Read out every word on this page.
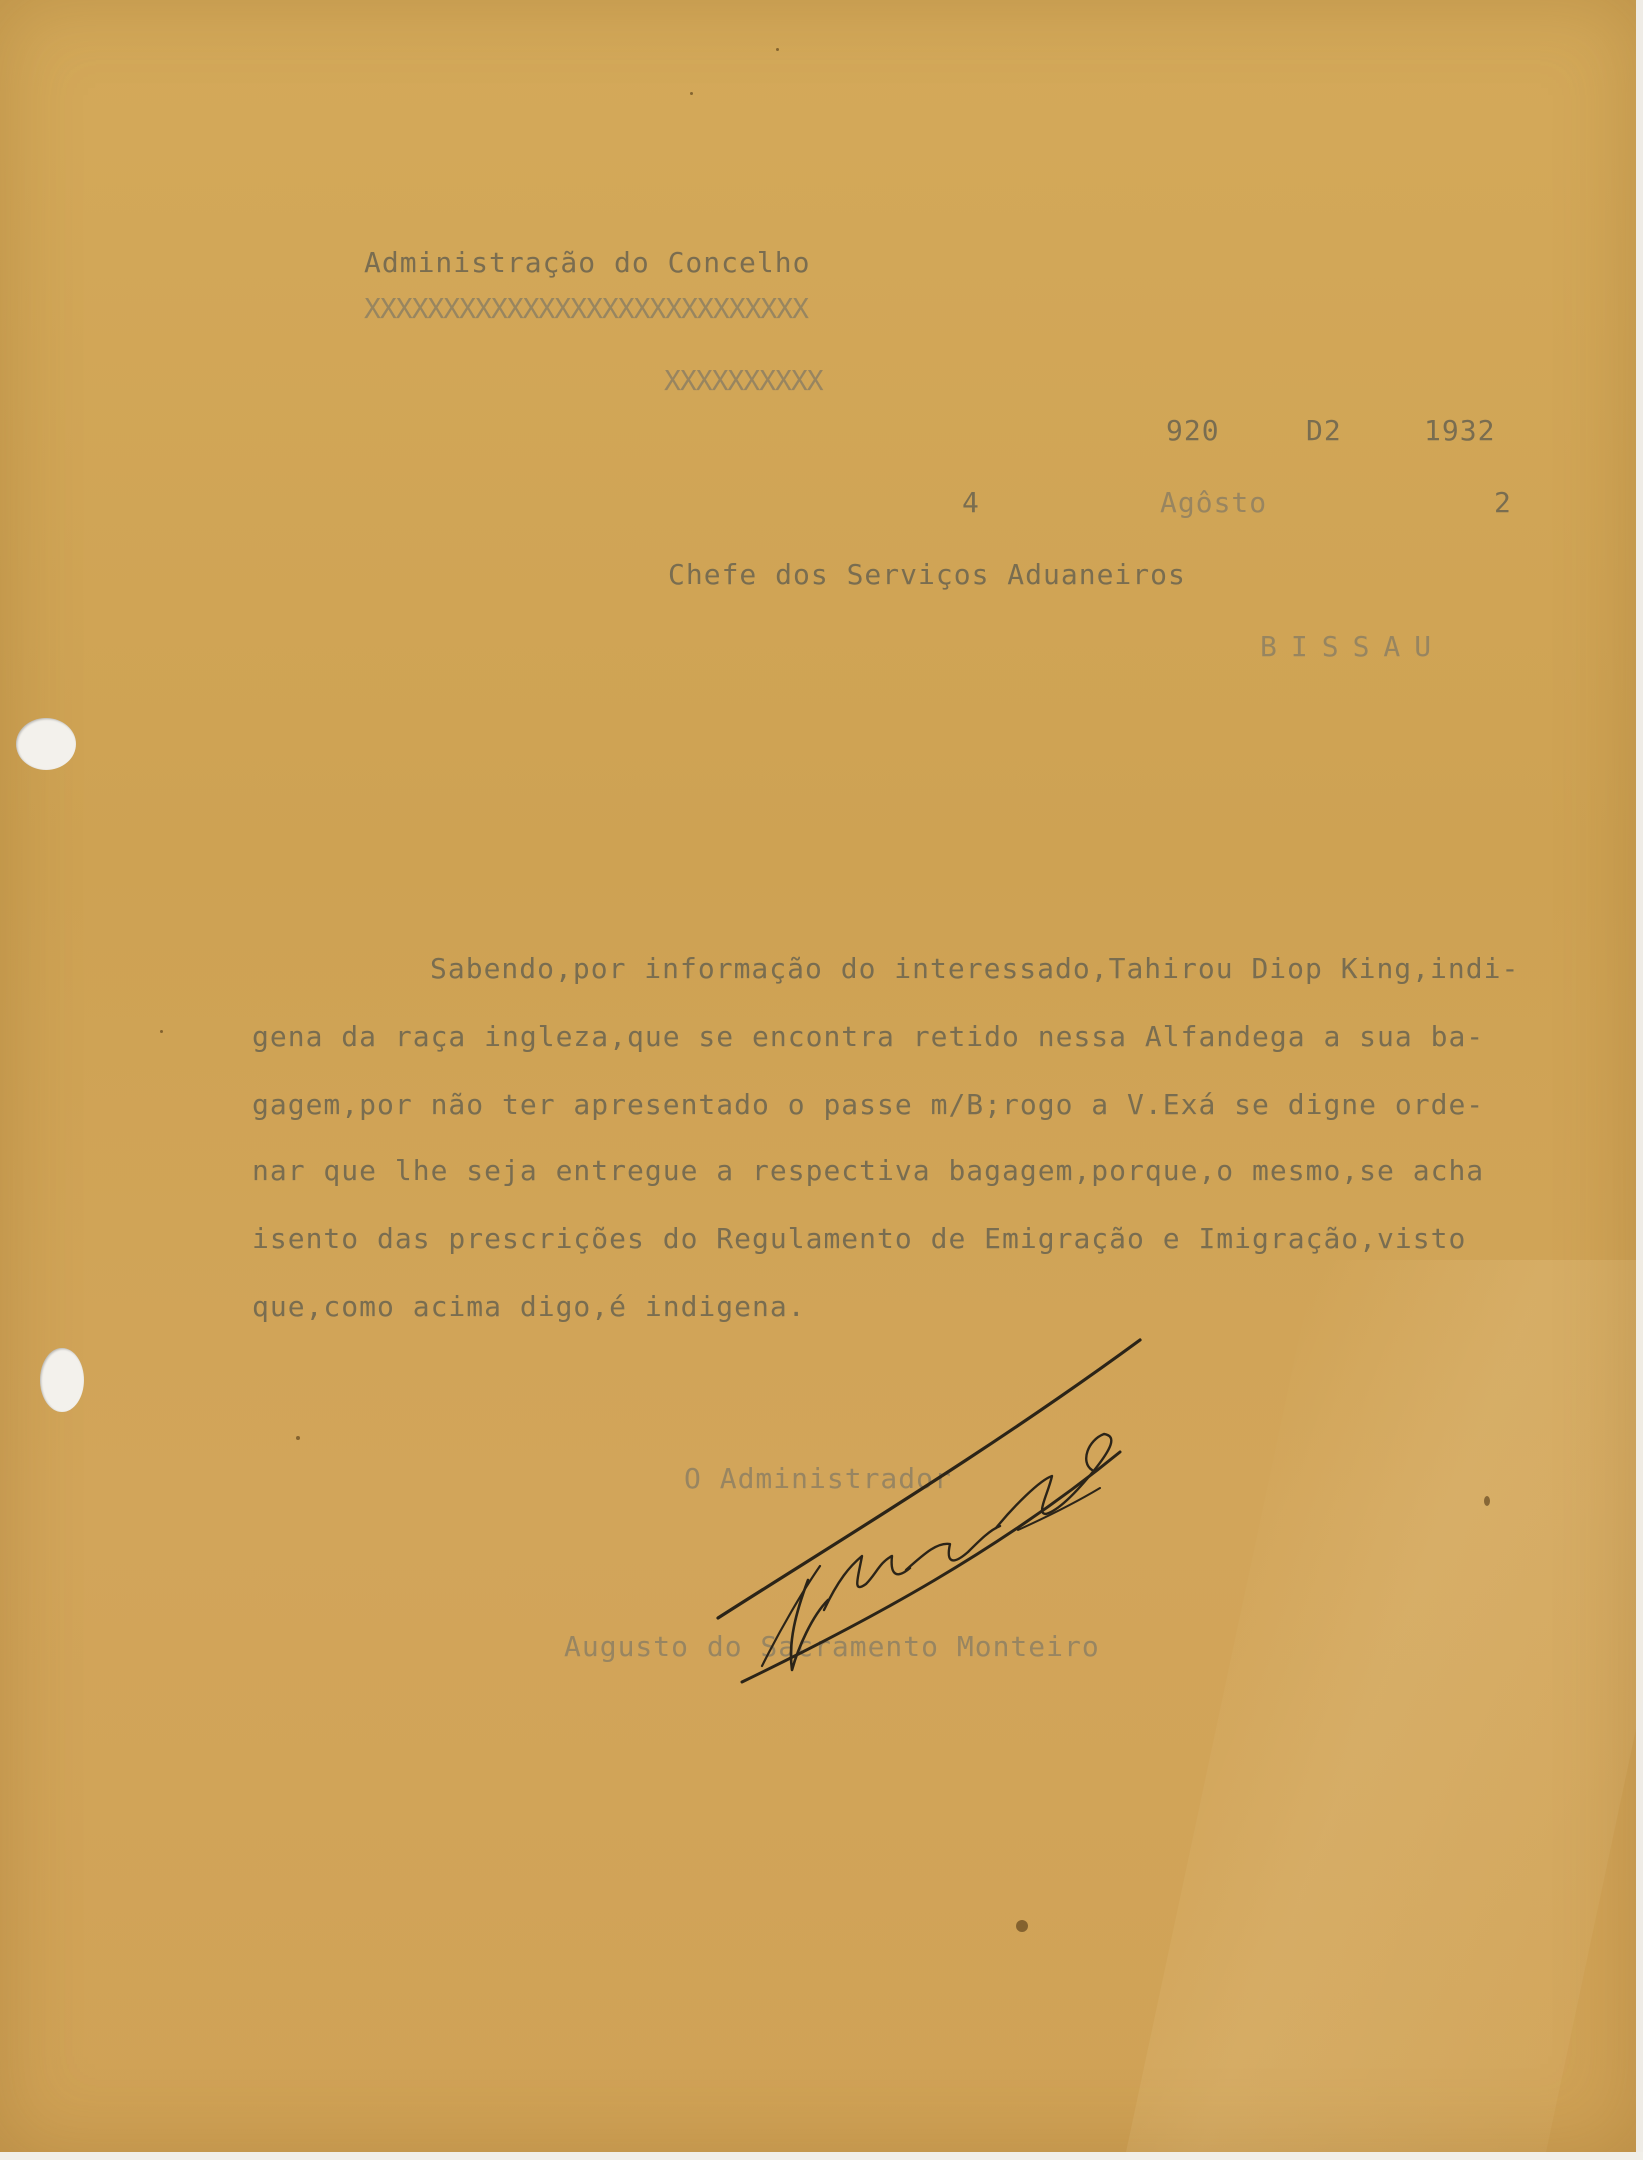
Administração do Concelho
XXXXXXXXXXXXXXXXXXXXXXXXXXXX
XXXXXXXXXX
920	D2	1932
4	Agôsto	2
Chefe dos Serviços Aduaneiros
BISSAU
Sabendo,por informação do interessado,Tahirou Diop King,indi-
gena da raça ingleza,que se encontra retido nessa Alfandega a sua ba-
gagem,por não ter apresentado o passe m/B;rogo a V.Exá se digne orde-
nar que lhe seja entregue a respectiva bagagem,porque,o mesmo,se acha
isento das prescrições do Regulamento de Emigração e Imigração,visto
que,como acima digo,é indigena.
O Administrador
Augusto do Sacramento Monteiro
